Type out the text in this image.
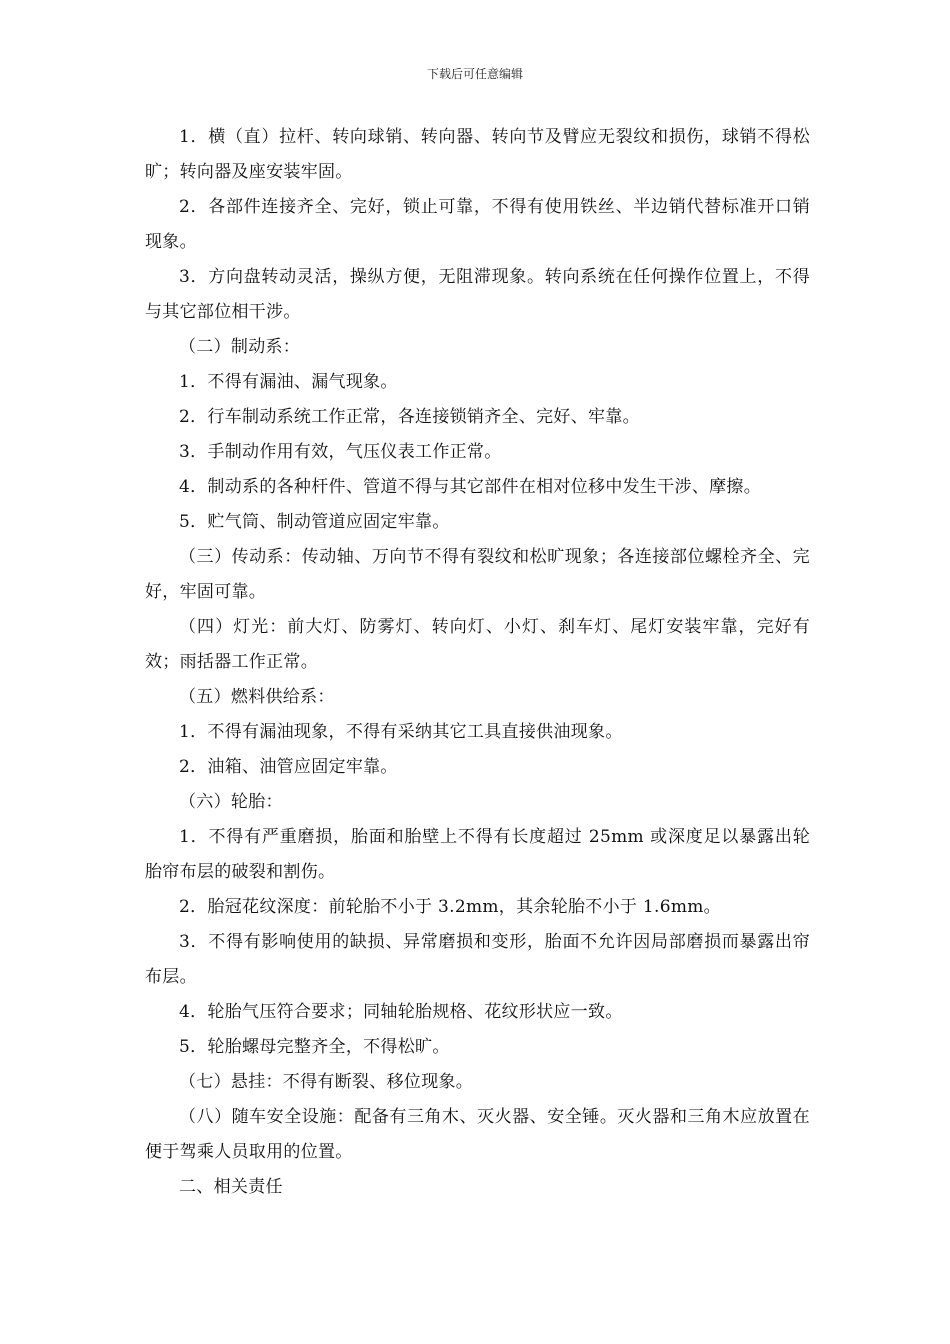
下载后可任意编辑

1．横（直）拉杆、转向球销、转向器、转向节及臂应无裂纹和损伤，球销不得松旷；转向器及座安装牢固。

2．各部件连接齐全、完好，锁止可靠，不得有使用铁丝、半边销代替标准开口销现象。

3．方向盘转动灵活，操纵方便，无阻滞现象。转向系统在任何操作位置上，不得与其它部位相干涉。

（二）制动系：

1．不得有漏油、漏气现象。

2．行车制动系统工作正常，各连接锁销齐全、完好、牢靠。

3．手制动作用有效，气压仪表工作正常。

4．制动系的各种杆件、管道不得与其它部件在相对位移中发生干涉、摩擦。

5．贮气筒、制动管道应固定牢靠。

（三）传动系：传动轴、万向节不得有裂纹和松旷现象；各连接部位螺栓齐全、完好，牢固可靠。

（四）灯光：前大灯、防雾灯、转向灯、小灯、刹车灯、尾灯安装牢靠，完好有效；雨括器工作正常。

（五）燃料供给系：

1．不得有漏油现象，不得有采纳其它工具直接供油现象。

2．油箱、油管应固定牢靠。

（六）轮胎：

1．不得有严重磨损，胎面和胎壁上不得有长度超过 25mm 或深度足以暴露出轮胎帘布层的破裂和割伤。

2．胎冠花纹深度：前轮胎不小于 3.2mm，其余轮胎不小于 1.6mm。

3．不得有影响使用的缺损、异常磨损和变形，胎面不允许因局部磨损而暴露出帘布层。

4．轮胎气压符合要求；同轴轮胎规格、花纹形状应一致。

5．轮胎螺母完整齐全，不得松旷。

（七）悬挂：不得有断裂、移位现象。

（八）随车安全设施：配备有三角木、灭火器、安全锤。灭火器和三角木应放置在便于驾乘人员取用的位置。

二、相关责任
